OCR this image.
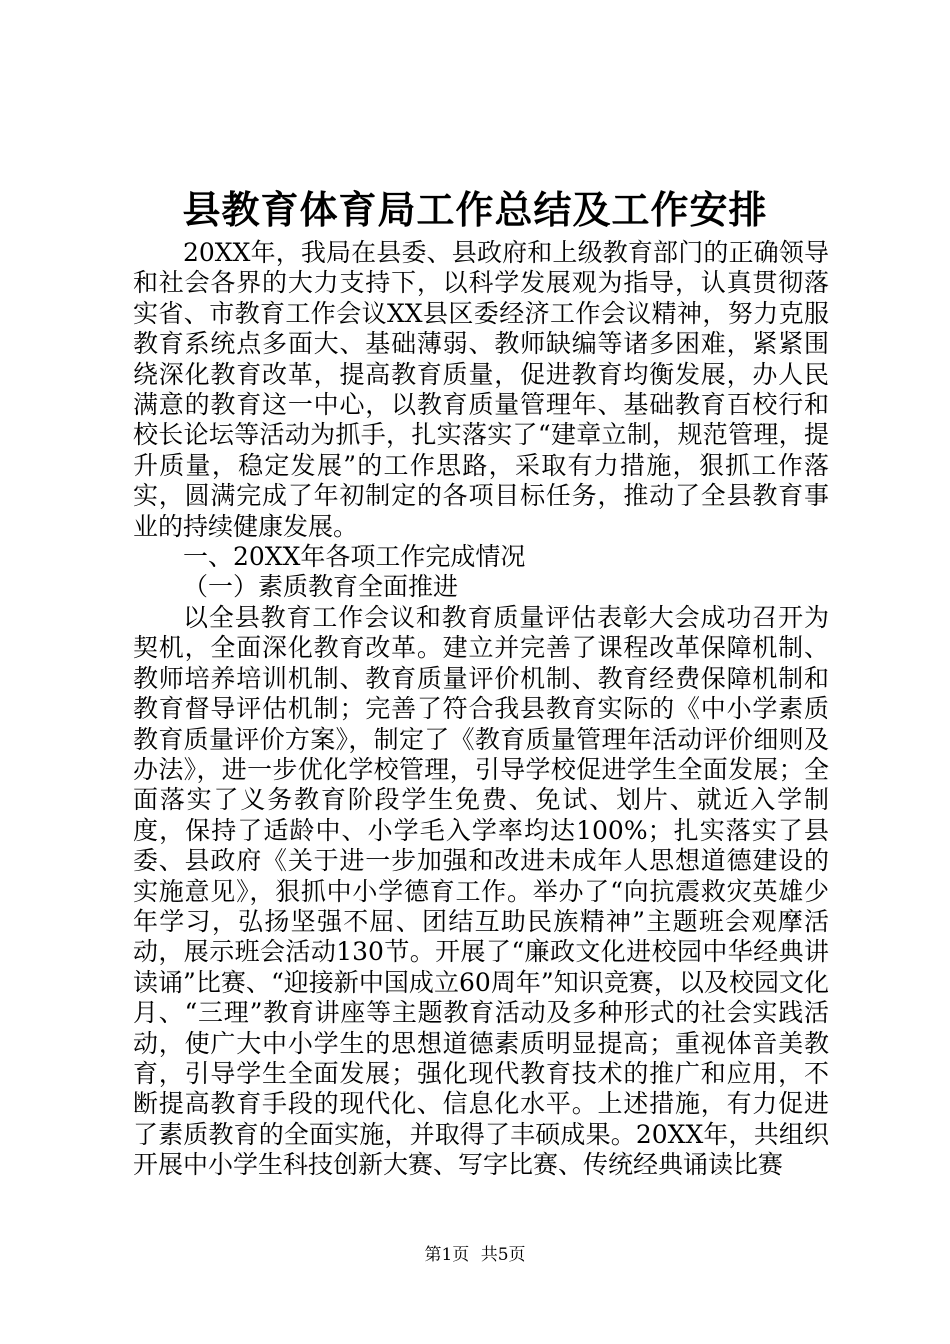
县教育体育局工作总结及工作安排

20XX年，我局在县委、县政府和上级教育部门的正确领导和社会各界的大力支持下，以科学发展观为指导，认真贯彻落实省、市教育工作会议XX县区委经济工作会议精神，努力克服教育系统点多面大、基础薄弱、教师缺编等诸多困难，紧紧围绕深化教育改革，提高教育质量，促进教育均衡发展，办人民满意的教育这一中心，以教育质量管理年、基础教育百校行和校长论坛等活动为抓手，扎实落实了“建章立制，规范管理，提升质量，稳定发展”的工作思路，采取有力措施，狠抓工作落实，圆满完成了年初制定的各项目标任务，推动了全县教育事业的持续健康发展。

一、20XX年各项工作完成情况

（一）素质教育全面推进

以全县教育工作会议和教育质量评估表彰大会成功召开为契机，全面深化教育改革。建立并完善了课程改革保障机制、教师培养培训机制、教育质量评价机制、教育经费保障机制和教育督导评估机制；完善了符合我县教育实际的《中小学素质教育质量评价方案》，制定了《教育质量管理年活动评价细则及办法》，进一步优化学校管理，引导学校促进学生全面发展；全面落实了义务教育阶段学生免费、免试、划片、就近入学制度，保持了适龄中、小学毛入学率均达100%；扎实落实了县委、县政府《关于进一步加强和改进未成年人思想道德建设的实施意见》，狠抓中小学德育工作。举办了“向抗震救灾英雄少年学习，弘扬坚强不屈、团结互助民族精神”主题班会观摩活动，展示班会活动130节。开展了“廉政文化进校园中华经典讲读诵”比赛、“迎接新中国成立60周年”知识竞赛，以及校园文化月、“三理”教育讲座等主题教育活动及多种形式的社会实践活动，使广大中小学生的思想道德素质明显提高；重视体音美教育，引导学生全面发展；强化现代教育技术的推广和应用，不断提高教育手段的现代化、信息化水平。上述措施，有力促进了素质教育的全面实施，并取得了丰硕成果。20XX年，共组织开展中小学生科技创新大赛、写字比赛、传统经典诵读比赛

第1页 共5页
